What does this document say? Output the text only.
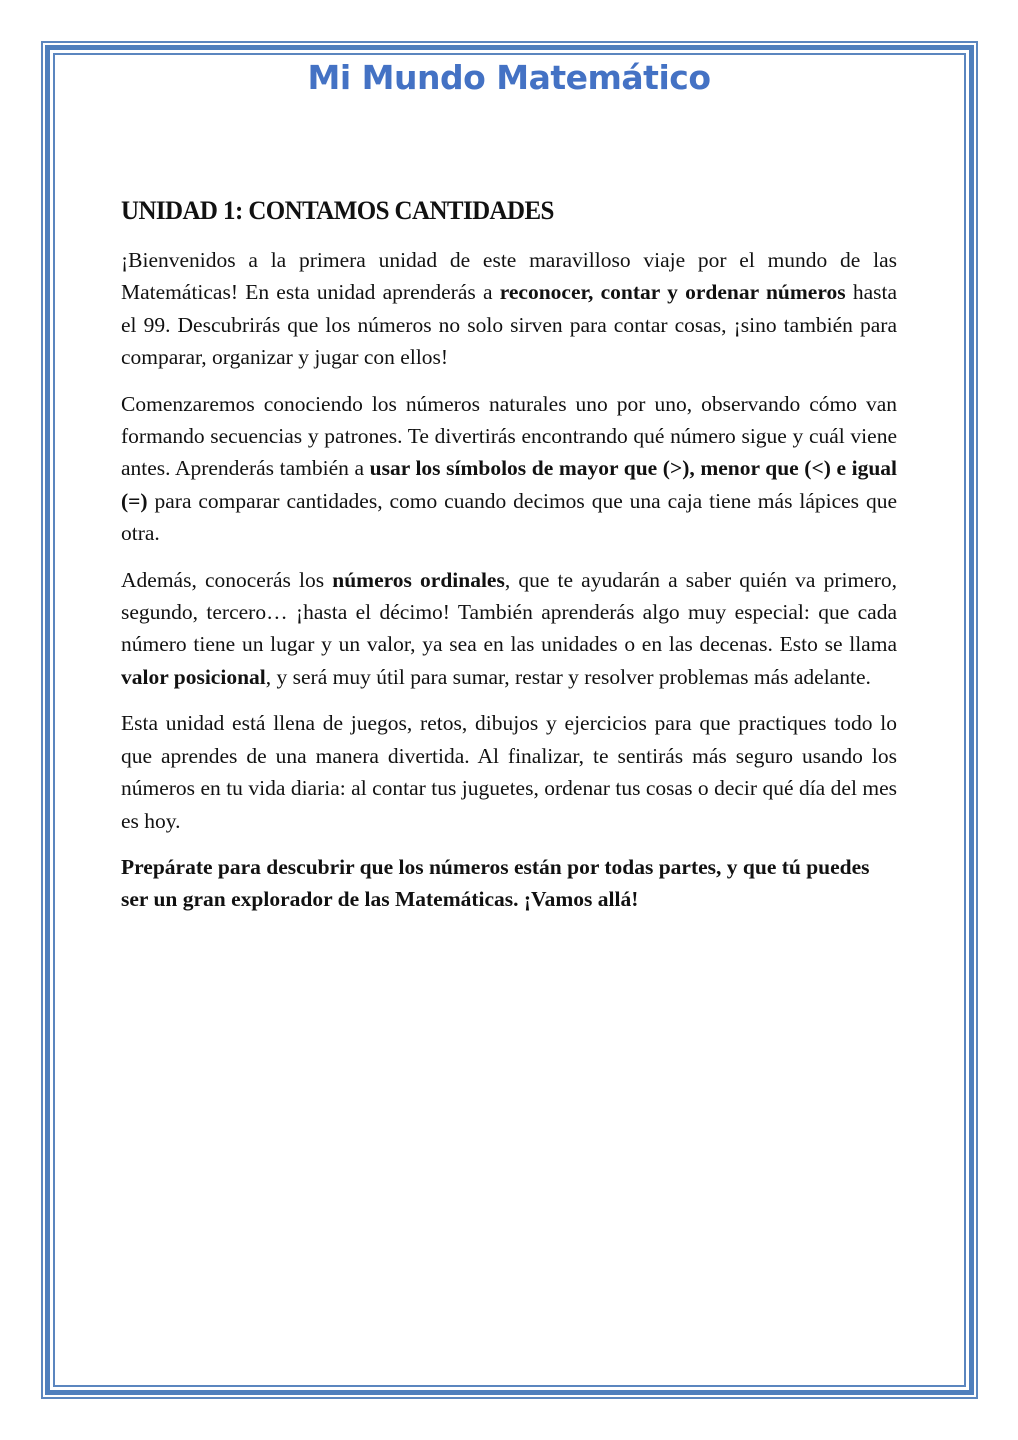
Mi Mundo Matemático
UNIDAD 1: CONTAMOS CANTIDADES

¡Bienvenidos a la primera unidad de este maravilloso viaje por el mundo de las Matemáticas! En esta unidad aprenderás a reconocer, contar y ordenar números hasta el 99. Descubrirás que los números no solo sirven para contar cosas, ¡sino también para comparar, organizar y jugar con ellos!

Comenzaremos conociendo los números naturales uno por uno, observando cómo van formando secuencias y patrones. Te divertirás encontrando qué número sigue y cuál viene antes. Aprenderás también a usar los símbolos de mayor que (>), menor que (<) e igual (=) para comparar cantidades, como cuando decimos que una caja tiene más lápices que otra.

Además, conocerás los números ordinales, que te ayudarán a saber quién va primero, segundo, tercero… ¡hasta el décimo! También aprenderás algo muy especial: que cada número tiene un lugar y un valor, ya sea en las unidades o en las decenas. Esto se llama valor posicional, y será muy útil para sumar, restar y resolver problemas más adelante.

Esta unidad está llena de juegos, retos, dibujos y ejercicios para que practiques todo lo que aprendes de una manera divertida. Al finalizar, te sentirás más seguro usando los números en tu vida diaria: al contar tus juguetes, ordenar tus cosas o decir qué día del mes es hoy.

Prepárate para descubrir que los números están por todas partes, y que tú puedes ser un gran explorador de las Matemáticas. ¡Vamos allá!
